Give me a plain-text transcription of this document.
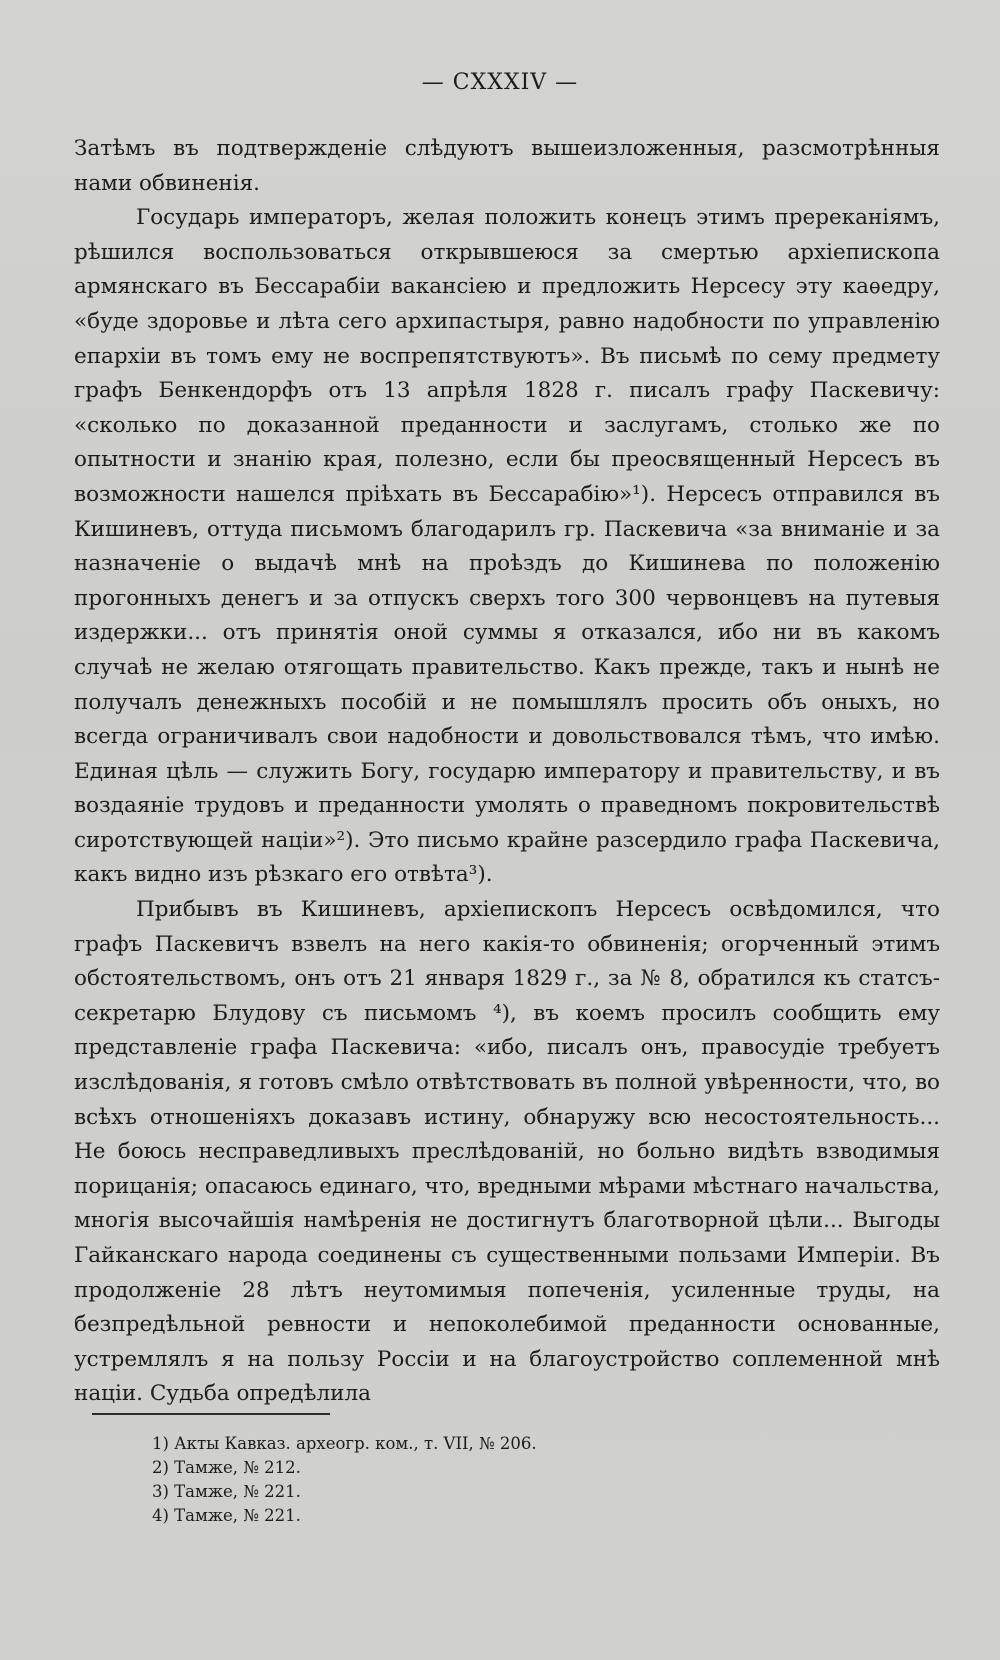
— CXXXIV —

Затѣмъ въ подтвержденіе слѣдуютъ вышеизложенныя, разсмотрѣнныя нами обвиненія.

Государь императоръ, желая положить конецъ этимъ пререканіямъ, рѣшился воспользоваться открывшеюся за смертью архіепископа армянскаго въ Бессарабіи вакансіею и предложить Нерсесу эту каѳедру, «буде здоровье и лѣта сего архипастыря, равно надобности по управленію епархіи въ томъ ему не воспрепятствуютъ». Въ письмѣ по сему предмету графъ Бенкендорфъ отъ 13 апрѣля 1828 г. писалъ графу Паскевичу: «сколько по доказанной преданности и заслугамъ, столько же по опытности и знанію края, полезно, если бы преосвященный Нерсесъ въ возможности нашелся пріѣхать въ Бессарабію»¹). Нерсесъ отправился въ Кишиневъ, оттуда письмомъ благодарилъ гр. Паскевича «за вниманіе и за назначеніе о выдачѣ мнѣ на проѣздъ до Кишинева по положенію прогонныхъ денегъ и за отпускъ сверхъ того 300 червонцевъ на путевыя издержки... отъ принятія оной суммы я отказался, ибо ни въ какомъ случаѣ не желаю отягощать правительство. Какъ прежде, такъ и нынѣ не получалъ денежныхъ пособій и не помышлялъ просить объ оныхъ, но всегда ограничивалъ свои надобности и довольствовался тѣмъ, что имѣю. Единая цѣль — служить Богу, государю императору и правительству, и въ воздаяніе трудовъ и преданности умолять о праведномъ покровительствѣ сиротствующей націи»²). Это письмо крайне разсердило графа Паскевича, какъ видно изъ рѣзкаго его отвѣта³).

Прибывъ въ Кишиневъ, архіепископъ Нерсесъ освѣдомился, что графъ Паскевичъ взвелъ на него какія-то обвиненія; огорченный этимъ обстоятельствомъ, онъ отъ 21 января 1829 г., за № 8, обратился къ статсъ-секретарю Блудову съ письмомъ ⁴), въ коемъ просилъ сообщить ему представленіе графа Паскевича: «ибо, писалъ онъ, правосудіе требуетъ изслѣдованія, я готовъ смѣло отвѣтствовать въ полной увѣренности, что, во всѣхъ отношеніяхъ доказавъ истину, обнаружу всю несостоятельность... Не боюсь несправедливыхъ преслѣдованій, но больно видѣть взводимыя порицанія; опасаюсь единаго, что, вредными мѣрами мѣстнаго начальства, многія высочайшія намѣренія не достигнутъ благотворной цѣли... Выгоды Гайканскаго народа соединены съ существенными пользами Имперіи. Въ продолженіе 28 лѣтъ неутомимыя попеченія, усиленные труды, на безпредѣльной ревности и непоколебимой преданности основанные, устремлялъ я на пользу Россіи и на благоустройство соплеменной мнѣ націи. Судьба опредѣлила

1) Акты Кавказ. археогр. ком., т. VII, № 206.

2) Тамже, № 212.

3) Тамже, № 221.

4) Тамже, № 221.
